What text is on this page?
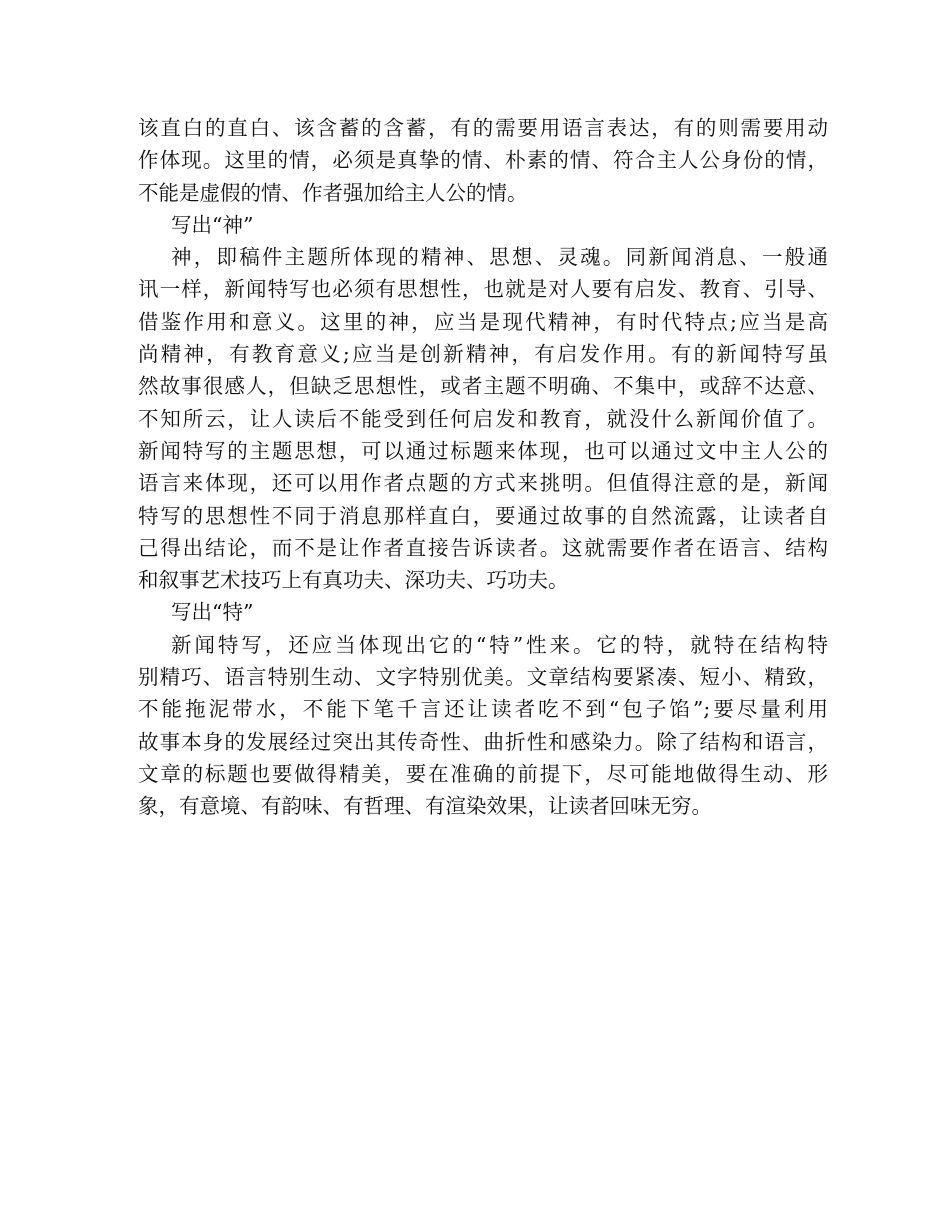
该直白的直白、该含蓄的含蓄，有的需要用语言表达，有的则需要用动
作体现。这里的情，必须是真挚的情、朴素的情、符合主人公身份的情，
不能是虚假的情、作者强加给主人公的情。
写出“神”
神，即稿件主题所体现的精神、思想、灵魂。同新闻消息、一般通
讯一样，新闻特写也必须有思想性，也就是对人要有启发、教育、引导、
借鉴作用和意义。这里的神，应当是现代精神，有时代特点;应当是高
尚精神，有教育意义;应当是创新精神，有启发作用。有的新闻特写虽
然故事很感人，但缺乏思想性，或者主题不明确、不集中，或辞不达意、
不知所云，让人读后不能受到任何启发和教育，就没什么新闻价值了。
新闻特写的主题思想，可以通过标题来体现，也可以通过文中主人公的
语言来体现，还可以用作者点题的方式来挑明。但值得注意的是，新闻
特写的思想性不同于消息那样直白，要通过故事的自然流露，让读者自
己得出结论，而不是让作者直接告诉读者。这就需要作者在语言、结构
和叙事艺术技巧上有真功夫、深功夫、巧功夫。
写出“特”
新闻特写，还应当体现出它的“特”性来。它的特，就特在结构特
别精巧、语言特别生动、文字特别优美。文章结构要紧凑、短小、精致，
不能拖泥带水，不能下笔千言还让读者吃不到“包子馅”;要尽量利用
故事本身的发展经过突出其传奇性、曲折性和感染力。除了结构和语言，
文章的标题也要做得精美，要在准确的前提下，尽可能地做得生动、形
象，有意境、有韵味、有哲理、有渲染效果，让读者回味无穷。
